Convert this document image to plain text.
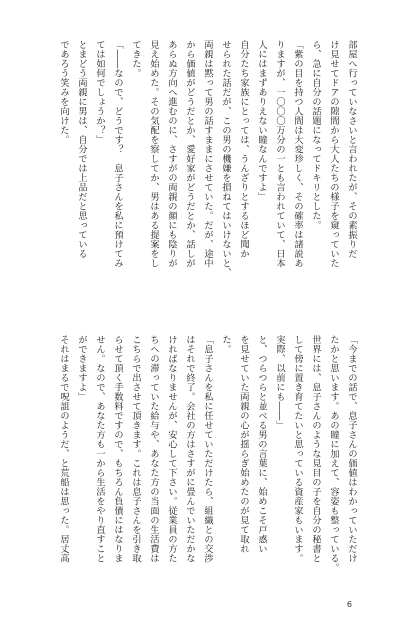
部屋へ行っていなさいと言われたが、その素振りだ
け見せてドアの隙間から大人たちの様子を窺っていた
ら、急に自分の話題になってドキリとした。
「紫の目を持つ人間は大変珍しく、その確率は諸説あ
りますが、一〇〇〇万分の一とも言われていて、日本
人にはまずありえない瞳なんですよ」
自分たち家族にとっては、うんざりとするほど聞か
せられた話だが、この男の機嫌を損ねてはいけないと、
両親は黙って男の話すままにさせていた。だが、途中
から価値がどうだとか、愛好家がどうだとか、話しが
あらぬ方向へ進むのに、さすがの両親の顔にも陰りが
見え始めた。その気配を察してか、男はある提案をし
てきた。
「――なので、どうです？　息子さんを私に預けてみ
ては如何でしょうか？」
とまどう両親に男は、自分では上品だと思っている
であろう笑みを向けた。
「今までの話で、息子さんの価値はわかっていただけ
たかと思います。あの瞳に加えて、容姿も整っている。
世界には、息子さんのような見目の子を自分の秘書と
して傍に置き育てたいと思っている資産家もいます。
実際、以前にも――」
と、つらつらと並べる男の言葉に、始めこそ戸惑い
を見せていた両親の心が揺らぎ始めたのが見て取れ
た。
「息子さんを私に任せていただけたら、組織との交渉
はそれで終了。会社の方はさすがに畳んでいただかな
ければなりませんが、安心して下さい。従業員の方た
ちへの滞っていた給与や、あなた方の当面の生活費は
こちらで出させて頂きます。これは息子さんを引き取
らせて頂く手数料ですので、もちろん負債にはなりま
せん。なので、あなた方も一から生活をやり直すこと
ができますよ」
それはまるで呪詛のようだ、と荒船は思った。居丈高
6
